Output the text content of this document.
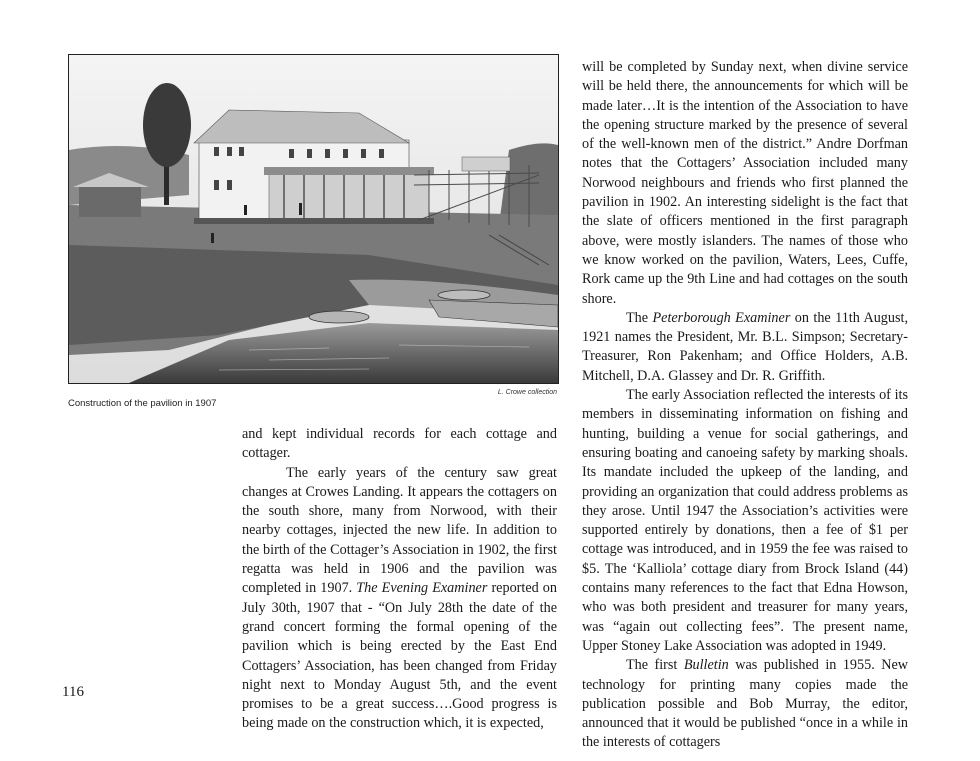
L. Crowe collection
Construction of the pavilion in 1907

and kept individual records for each cottage and cottager.

The early years of the century saw great changes at Crowes Landing. It appears the cottagers on the south shore, many from Norwood, with their nearby cottages, injected the new life. In addition to the birth of the Cottager’s Association in 1902, the first regatta was held in 1906 and the pavilion was completed in 1907. The Evening Examiner reported on July 30th, 1907 that - “On July 28th the date of the grand concert forming the formal opening of the pavilion which is being erected by the East End Cottagers’ Association, has been changed from Friday night next to Monday August 5th, and the event promises to be a great success….Good progress is being made on the construction which, it is expected,

will be completed by Sunday next, when divine service will be held there, the announcements for which will be made later…It is the intention of the Association to have the opening structure marked by the presence of several of the well-known men of the district.” Andre Dorfman notes that the Cottagers’ Association included many Norwood neighbours and friends who first planned the pavilion in 1902. An interesting sidelight is the fact that the slate of officers mentioned in the first paragraph above, were mostly islanders. The names of those who we know worked on the pavilion, Waters, Lees, Cuffe, Rork came up the 9th Line and had cottages on the south shore.

The Peterborough Examiner on the 11th August, 1921 names the President, Mr. B.L. Simpson; Secretary-Treasurer, Ron Pakenham; and Office Holders, A.B. Mitchell, D.A. Glassey and Dr. R. Griffith.

The early Association reflected the interests of its members in disseminating information on fishing and hunting, building a venue for social gatherings, and ensuring boating and canoeing safety by marking shoals. Its mandate included the upkeep of the landing, and providing an organization that could address problems as they arose. Until 1947 the Association’s activities were supported entirely by donations, then a fee of $1 per cottage was introduced, and in 1959 the fee was raised to $5. The ‘Kalliola’ cottage diary from Brock Island (44) contains many references to the fact that Edna Howson, who was both president and treasurer for many years, was “again out collecting fees”. The present name, Upper Stoney Lake Association was adopted in 1949.

The first Bulletin was published in 1955. New technology for printing many copies made the publication possible and Bob Murray, the editor, announced that it would be published “once in a while in the interests of cottagers

116
